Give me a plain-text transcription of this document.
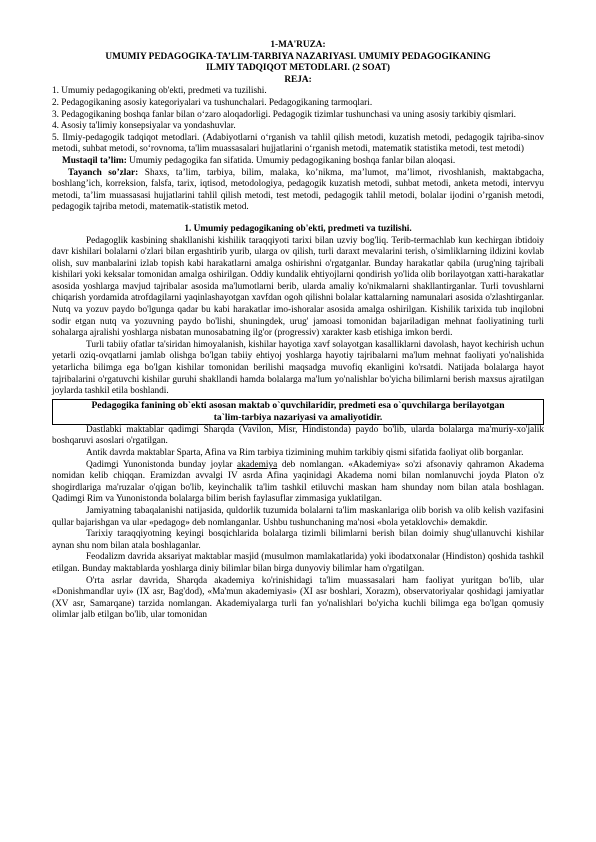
1-MA'RUZA:

UMUMIY PEDAGOGIKA-TA’LIM-TARBIYA NAZARIYASI. UMUMIY PEDAGOGIKANING

ILMIY TADQIQOT METODLARI. (2 SOAT)

REJA:

1. Umumiy pedagogikaning ob'ekti, predmeti va tuzilishi.

2. Pedagogikaning asosiy kategoriyalari va tushunchalari. Pedagogikaning tarmoqlari.

3. Pedagogikaning boshqa fanlar bilan o‘zaro aloqadorligi. Pedagogik tizimlar tushunchasi va uning asosiy tarkibiy qismlari.

4. Asosiy ta'limiy konsepsiyalar va yondashuvlar.

5. Ilmiy-pedagogik tadqiqot metodlari. (Adabiyotlarni o‘rganish va tahlil qilish metodi, kuzatish metodi, pedagogik tajriba-sinov metodi, suhbat metodi, so‘rovnoma, ta'lim muassasalari hujjatlarini o‘rganish metodi, matematik statistika metodi, test metodi)

Mustaqil ta’lim: Umumiy pedagogika fan sifatida. Umumiy pedagogikaning boshqa fanlar bilan aloqasi.

Tayanch so’zlar: Shaxs, ta’lim, tarbiya, bilim, malaka, ko’nikma, ma’lumot, ma’limot, rivoshlanish, maktabgacha, boshlang’ich, korreksion, falsfa, tarix, iqtisod, metodologiya, pedagogik kuzatish metodi, suhbat metodi, anketa metodi, intervyu metodi, ta’lim muassasasi hujjatlarini tahlil qilish metodi, test metodi, pedagogik tahlil metodi, bolalar ijodini o’rganish metodi, pedagogik tajriba metodi, matematik-statistik metod.

1. Umumiy pedagogikaning ob'ekti, predmeti va tuzilishi.

Pedagoglik kasbining shakllanishi kishilik taraqqiyoti tarixi bilan uzviy bog'liq. Terib-termachlab kun kechirgan ibtidoiy davr kishilari bolalarni o'zlari bilan ergashtirib yurib, ularga ov qilish, turli daraxt mevalarini terish, o'simliklarning ildizini kovlab olish, suv manbalarini izlab topish kabi harakatlarni amalga oshirishni o'rgatganlar. Bunday harakatlar qabila (urug'ning tajribali kishilari yoki keksalar tomonidan amalga oshirilgan. Oddiy kundalik ehtiyojlarni qondirish yo'lida olib borilayotgan xatti-harakatlar asosida yoshlarga mavjud tajribalar asosida ma'lumotlarni berib, ularda amaliy ko'nikmalarni shakllantirganlar. Turli tovushlarni chiqarish yordamida atrofdagilarni yaqinlashayotgan xavfdan ogoh qilishni bolalar kattalarning namunalari asosida o'zlashtirganlar. Nutq va yozuv paydo bo'lgunga qadar bu kabi harakatlar imo-ishoralar asosida amalga oshirilgan. Kishilik tarixida tub inqilobni sodir etgan nutq va yozuvning paydo bo'lishi, shuningdek, urug' jamoasi tomonidan bajariladigan mehnat faoliyatining turli sohalarga ajralishi yoshlarga nisbatan munosabatning ilg'or (progressiv) xarakter kasb etishiga imkon berdi.

Turli tabiiy ofatlar ta'siridan himoyalanish, kishilar hayotiga xavf solayotgan kasalliklarni davolash, hayot kechirish uchun yetarli oziq-ovqatlarni jamlab olishga bo'lgan tabiiy ehtiyoj yoshlarga hayotiy tajribalarni ma'lum mehnat faoliyati yo'nalishida yetarlicha bilimga ega bo'lgan kishilar tomonidan berilishi maqsadga muvofiq ekanligini ko'rsatdi. Natijada bolalarga hayot tajribalarini o'rgatuvchi kishilar guruhi shakllandi hamda bolalarga ma'lum yo'nalishlar bo'yicha bilimlarni berish maxsus ajratilgan joylarda tashkil etila boshlandi.

Pedagogika fanining ob`ekti asosan maktab o`quvchilaridir, predmeti esa o`quvchilarga berilayotgan
ta`lim-tarbiya nazariyasi va amaliyotidir.

Dastlabki maktablar qadimgi Sharqda (Vavilon, Misr, Hindistonda) paydo bo'lib, ularda bolalarga ma'muriy-xo'jalik boshqaruvi asoslari o'rgatilgan.

Antik davrda maktablar Sparta, Afina va Rim tarbiya tizimining muhim tarkibiy qismi sifatida faoliyat olib borganlar.

Qadimgi Yunonistonda bunday joylar akademiya deb nomlangan. «Akademiya» so'zi afsonaviy qahramon Akadema nomidan kelib chiqqan. Eramizdan avvalgi IV asrda Afina yaqinidagi Akadema nomi bilan nomlanuvchi joyda Platon o'z shogirdlariga ma'ruzalar o'qigan bo'lib, keyinchalik ta'lim tashkil etiluvchi maskan ham shunday nom bilan atala boshlagan. Qadimgi Rim va Yunonistonda bolalarga bilim berish faylasuflar zimmasiga yuklatilgan.

Jamiyatning tabaqalanishi natijasida, quldorlik tuzumida bolalarni ta'lim maskanlariga olib borish va olib kelish vazifasini qullar bajarishgan va ular «pedagog» deb nomlanganlar. Ushbu tushunchaning ma'nosi «bola yetaklovchi» demakdir.

Tarixiy taraqqiyotning keyingi bosqichlarida bolalarga tizimli bilimlarni berish bilan doimiy shug'ullanuvchi kishilar aynan shu nom bilan atala boshlaganlar.

Feodalizm davrida aksariyat maktablar masjid (musulmon mamlakatlarida) yoki ibodatxonalar (Hindiston) qoshida tashkil etilgan. Bunday maktablarda yoshlarga diniy bilimlar bilan birga dunyoviy bilimlar ham o'rgatilgan.

O'rta asrlar davrida, Sharqda akademiya ko'rinishidagi ta'lim muassasalari ham faoliyat yuritgan bo'lib, ular «Donishmandlar uyi» (IX asr, Bag'dod), «Ma'mun akademiyasi» (XI asr boshlari, Xorazm), observatoriyalar qoshidagi jamiyatlar (XV asr, Samarqane) tarzida nomlangan. Akademiyalarga turli fan yo'nalishlari bo'yicha kuchli bilimga ega bo'lgan qomusiy olimlar jalb etilgan bo'lib, ular tomonidan
